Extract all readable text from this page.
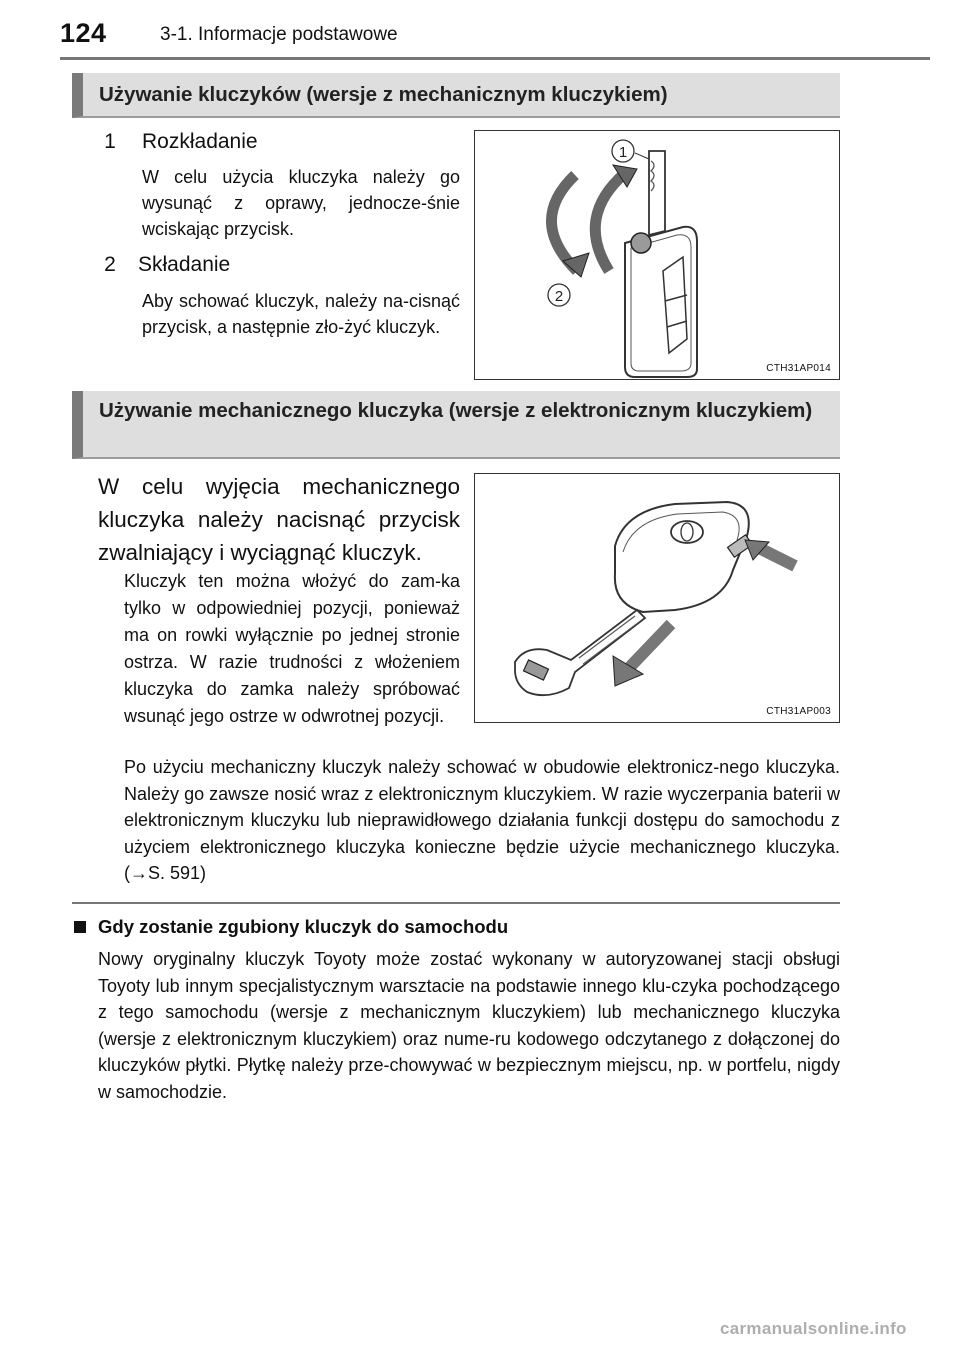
124	3-1. Informacje podstawowe
Używanie kluczyków (wersje z mechanicznym kluczykiem)
1 Rozkładanie
W celu użycia kluczyka należy go wysunąć z oprawy, jednocze-śnie wciskając przycisk.
2 Składanie
Aby schować kluczyk, należy na-cisnąć przycisk, a następnie zło-żyć kluczyk.
1
2
CTH31AP014
Używanie mechanicznego kluczyka (wersje z elektronicznym kluczykiem)
W celu wyjęcia mechanicznego kluczyka należy nacisnąć przycisk zwalniający i wyciągnąć kluczyk.
Kluczyk ten można włożyć do zam-ka tylko w odpowiedniej pozycji, ponieważ ma on rowki wyłącznie po jednej stronie ostrza. W razie trudności z włożeniem kluczyka do zamka należy spróbować wsunąć jego ostrze w odwrotnej pozycji.	CTH31AP003
Po użyciu mechaniczny kluczyk należy schować w obudowie elektronicz-nego kluczyka. Należy go zawsze nosić wraz z elektronicznym kluczykiem. W razie wyczerpania baterii w elektronicznym kluczyku lub nieprawidłowego działania funkcji dostępu do samochodu z użyciem elektronicznego kluczyka konieczne będzie użycie mechanicznego kluczyka. (→S. 591)
Gdy zostanie zgubiony kluczyk do samochodu
Nowy oryginalny kluczyk Toyoty może zostać wykonany w autoryzowanej stacji obsługi Toyoty lub innym specjalistycznym warsztacie na podstawie innego klu-czyka pochodzącego z tego samochodu (wersje z mechanicznym kluczykiem) lub mechanicznego kluczyka (wersje z elektronicznym kluczykiem) oraz nume-ru kodowego odczytanego z dołączonej do kluczyków płytki. Płytkę należy prze-chowywać w bezpiecznym miejscu, np. w portfelu, nigdy w samochodzie.
carmanualsonline.info
